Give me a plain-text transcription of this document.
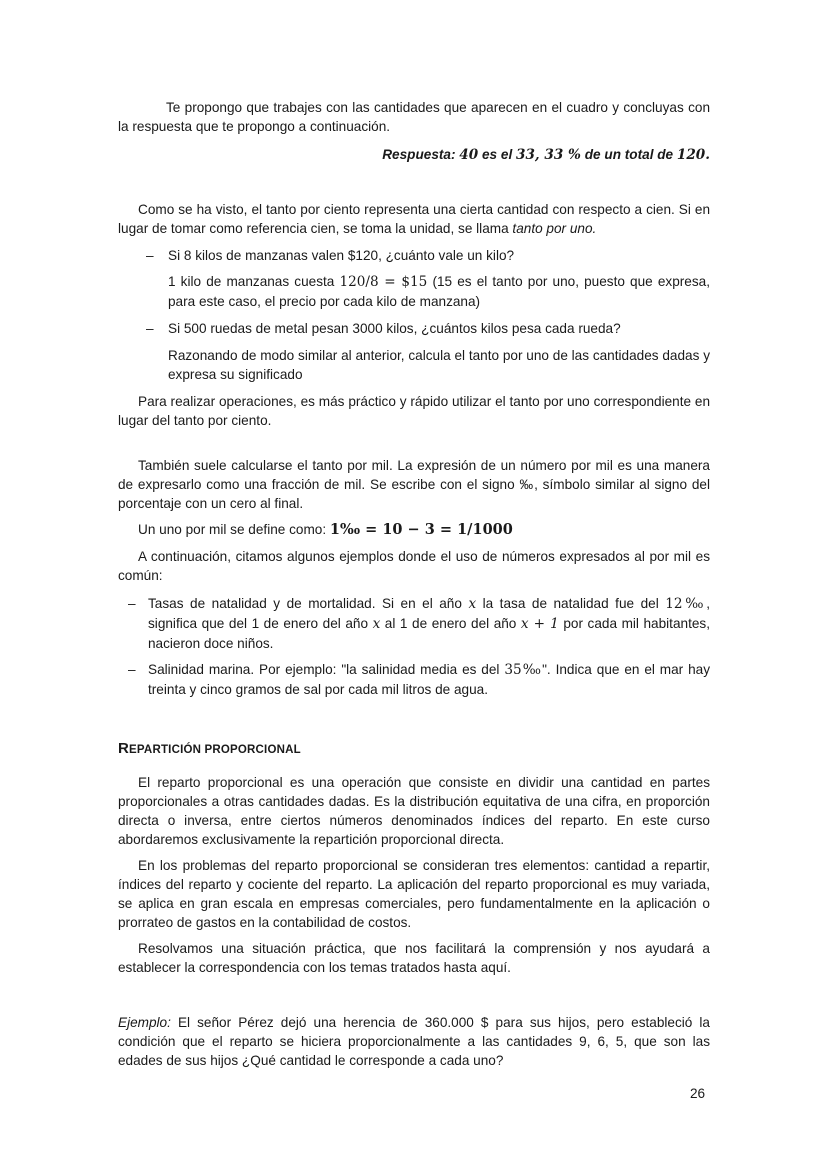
Te propongo que trabajes con las cantidades que aparecen en el cuadro y concluyas con la respuesta que te propongo a continuación.

Respuesta: 40 es el 33, 33 % de un total de 120.

Como se ha visto, el tanto por ciento representa una cierta cantidad con respecto a cien. Si en lugar de tomar como referencia cien, se toma la unidad, se llama tanto por uno.

– Si 8 kilos de manzanas valen $120, ¿cuánto vale un kilo?

1 kilo de manzanas cuesta 120/8 = $15 (15 es el tanto por uno, puesto que expresa, para este caso, el precio por cada kilo de manzana)

– Si 500 ruedas de metal pesan 3000 kilos, ¿cuántos kilos pesa cada rueda?

Razonando de modo similar al anterior, calcula el tanto por uno de las cantidades dadas y expresa su significado

Para realizar operaciones, es más práctico y rápido utilizar el tanto por uno correspondiente en lugar del tanto por ciento.

También suele calcularse el tanto por mil. La expresión de un número por mil es una manera de expresarlo como una fracción de mil. Se escribe con el signo ‰, símbolo similar al signo del porcentaje con un cero al final.

Un uno por mil se define como: 1‰ = 10 − 3 = 1/1000

A continuación, citamos algunos ejemplos donde el uso de números expresados al por mil es común:

– Tasas de natalidad y de mortalidad. Si en el año x la tasa de natalidad fue del 12‰, significa que del 1 de enero del año x al 1 de enero del año x + 1 por cada mil habitantes, nacieron doce niños.

– Salinidad marina. Por ejemplo: "la salinidad media es del 35‰". Indica que en el mar hay treinta y cinco gramos de sal por cada mil litros de agua.

REPARTICIÓN PROPORCIONAL

El reparto proporcional es una operación que consiste en dividir una cantidad en partes proporcionales a otras cantidades dadas. Es la distribución equitativa de una cifra, en proporción directa o inversa, entre ciertos números denominados índices del reparto. En este curso abordaremos exclusivamente la repartición proporcional directa.

En los problemas del reparto proporcional se consideran tres elementos: cantidad a repartir, índices del reparto y cociente del reparto. La aplicación del reparto proporcional es muy variada, se aplica en gran escala en empresas comerciales, pero fundamentalmente en la aplicación o prorrateo de gastos en la contabilidad de costos.

Resolvamos una situación práctica, que nos facilitará la comprensión y nos ayudará a establecer la correspondencia con los temas tratados hasta aquí.

Ejemplo: El señor Pérez dejó una herencia de 360.000 $ para sus hijos, pero estableció la condición que el reparto se hiciera proporcionalmente a las cantidades 9, 6, 5, que son las edades de sus hijos ¿Qué cantidad le corresponde a cada uno?

26
